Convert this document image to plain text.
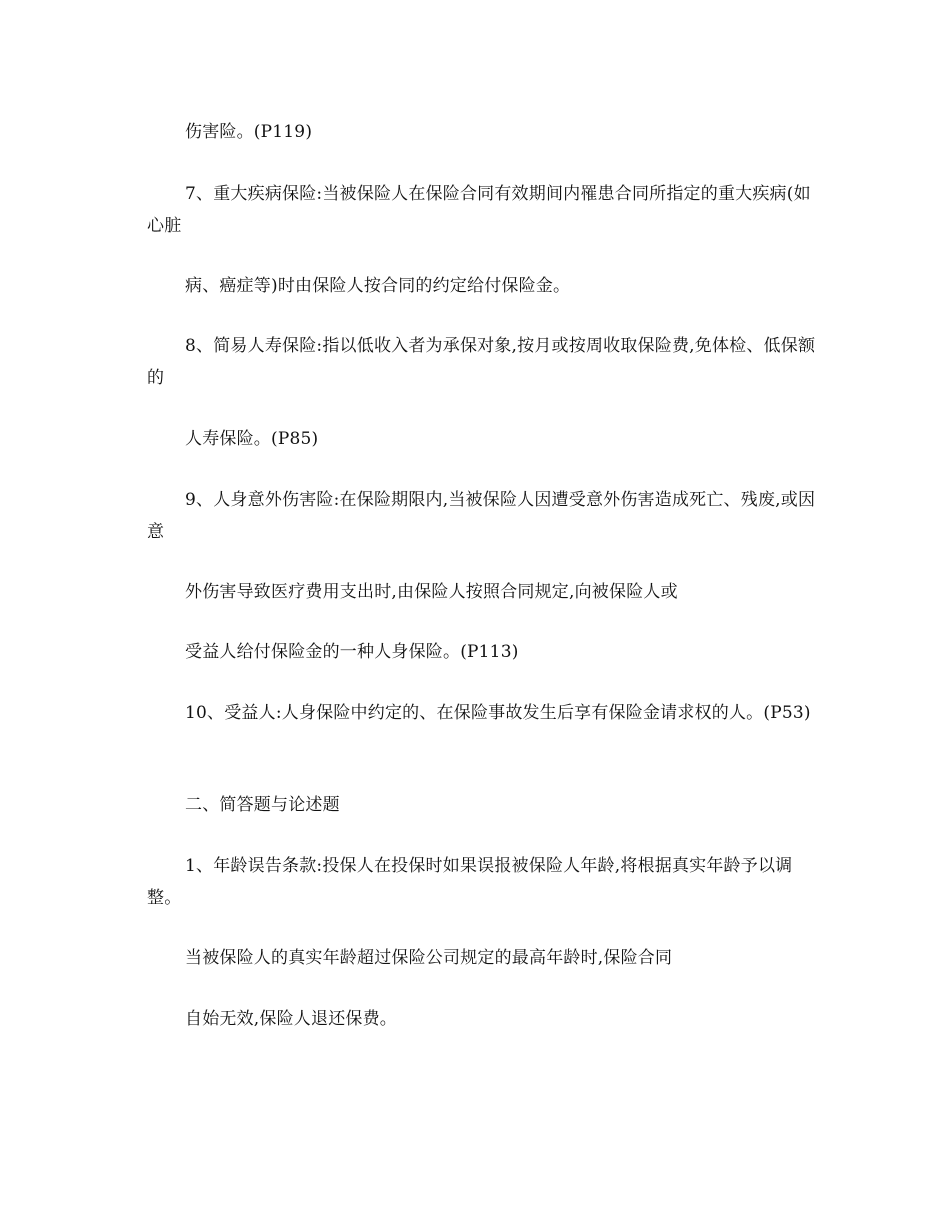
伤害险。(P119)

7、重大疾病保险:当被保险人在保险合同有效期间内罹患合同所指定的重大疾病(如心脏

病、癌症等)时由保险人按合同的约定给付保险金。

8、简易人寿保险:指以低收入者为承保对象,按月或按周收取保险费,免体检、低保额的

人寿保险。(P85)

9、人身意外伤害险:在保险期限内,当被保险人因遭受意外伤害造成死亡、残废,或因意

外伤害导致医疗费用支出时,由保险人按照合同规定,向被保险人或

受益人给付保险金的一种人身保险。(P113)

10、受益人:人身保险中约定的、在保险事故发生后享有保险金请求权的人。(P53)

二、简答题与论述题

1、年龄误告条款:投保人在投保时如果误报被保险人年龄,将根据真实年龄予以调整。

当被保险人的真实年龄超过保险公司规定的最高年龄时,保险合同

自始无效,保险人退还保费。
